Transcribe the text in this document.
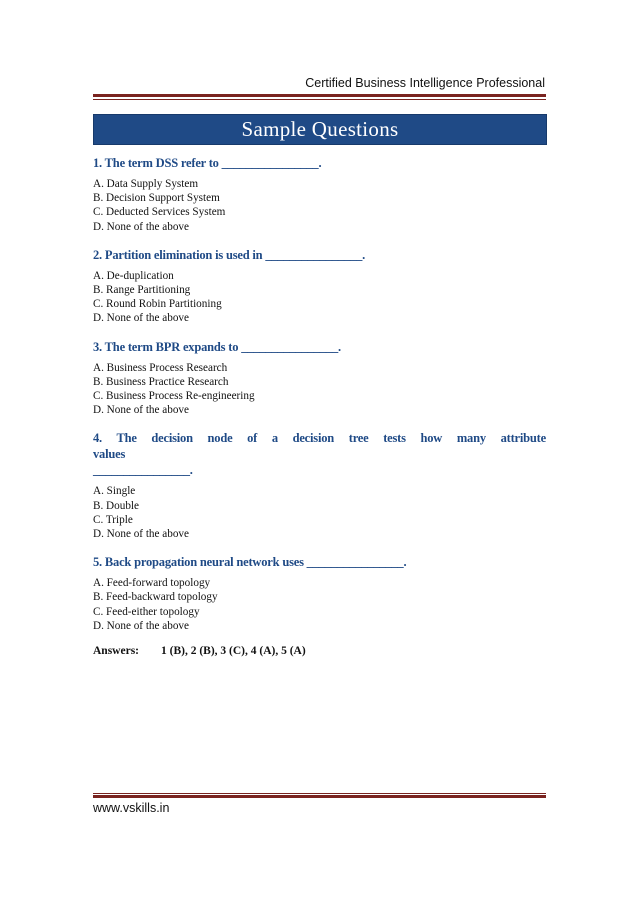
Certified Business Intelligence Professional
Sample Questions

1. The term DSS refer to ________________.

A. Data Supply System

B. Decision Support System

C. Deducted Services System

D. None of the above

2. Partition elimination is used in ________________.

A. De-duplication

B. Range Partitioning

C. Round Robin Partitioning

D. None of the above

3. The term BPR expands to ________________.

A. Business Process Research

B. Business Practice Research

C. Business Process Re-engineering

D. None of the above

4. The decision node of a decision tree tests how many attribute values

________________.

A. Single

B. Double

C. Triple

D. None of the above

5. Back propagation neural network uses ________________.

A. Feed-forward topology

B. Feed-backward topology

C. Feed-either topology

D. None of the above

Answers: 1 (B), 2 (B), 3 (C), 4 (A), 5 (A)
www.vskills.in
